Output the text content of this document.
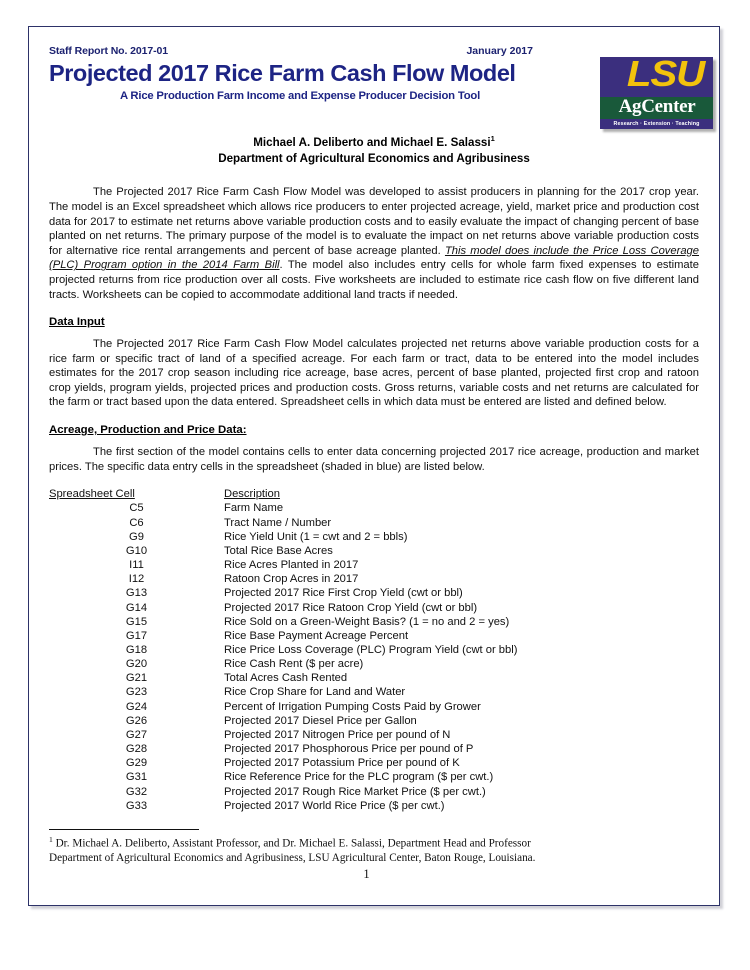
Staff Report No. 2017-01	January 2017
Projected 2017 Rice Farm Cash Flow Model
A Rice Production Farm Income and Expense Producer Decision Tool
LSU
AgCenter
Research · Extension · Teaching
Michael A. Deliberto and Michael E. Salassi$^1$
Department of Agricultural Economics and Agribusiness

The Projected 2017 Rice Farm Cash Flow Model was developed to assist producers in planning for the 2017 crop year. The model is an Excel spreadsheet which allows rice producers to enter projected acreage, yield, market price and production cost data for 2017 to estimate net returns above variable production costs and to easily evaluate the impact of changing percent of base planted on net returns. The primary purpose of the model is to evaluate the impact on net returns above variable production costs for alternative rice rental arrangements and percent of base acreage planted. This model does include the Price Loss Coverage (PLC) Program option in the 2014 Farm Bill. The model also includes entry cells for whole farm fixed expenses to estimate projected returns from rice production over all costs. Five worksheets are included to estimate rice cash flow on five different land tracts. Worksheets can be copied to accommodate additional land tracts if needed.

Data Input

The Projected 2017 Rice Farm Cash Flow Model calculates projected net returns above variable production costs for a rice farm or specific tract of land of a specified acreage. For each farm or tract, data to be entered into the model includes estimates for the 2017 crop season including rice acreage, base acres, percent of base planted, projected first crop and ratoon crop yields, program yields, projected prices and production costs. Gross returns, variable costs and net returns are calculated for the farm or tract based upon the data entered. Spreadsheet cells in which data must be entered are listed and defined below.

Acreage, Production and Price Data:

The first section of the model contains cells to enter data concerning projected 2017 rice acreage, production and market prices. The specific data entry cells in the spreadsheet (shaded in blue) are listed below.

Spreadsheet Cell	Description
C5	Farm Name
C6	Tract Name / Number
G9	Rice Yield Unit (1 = cwt and 2 = bbls)
G10	Total Rice Base Acres
I11	Rice Acres Planted in 2017
I12	Ratoon Crop Acres in 2017
G13	Projected 2017 Rice First Crop Yield (cwt or bbl)
G14	Projected 2017 Rice Ratoon Crop Yield (cwt or bbl)
G15	Rice Sold on a Green-Weight Basis? (1 = no and 2 = yes)
G17	Rice Base Payment Acreage Percent
G18	Rice Price Loss Coverage (PLC) Program Yield (cwt or bbl)
G20	Rice Cash Rent ($ per acre)
G21	Total Acres Cash Rented
G23	Rice Crop Share for Land and Water
G24	Percent of Irrigation Pumping Costs Paid by Grower
G26	Projected 2017 Diesel Price per Gallon
G27	Projected 2017 Nitrogen Price per pound of N
G28	Projected 2017 Phosphorous Price per pound of P
G29	Projected 2017 Potassium Price per pound of K
G31	Rice Reference Price for the PLC program ($ per cwt.)
G32	Projected 2017 Rough Rice Market Price ($ per cwt.)
G33	Projected 2017 World Rice Price ($ per cwt.)

$^1$ Dr. Michael A. Deliberto, Assistant Professor, and Dr. Michael E. Salassi, Department Head and Professor
Department of Agricultural Economics and Agribusiness, LSU Agricultural Center, Baton Rouge, Louisiana.

1
